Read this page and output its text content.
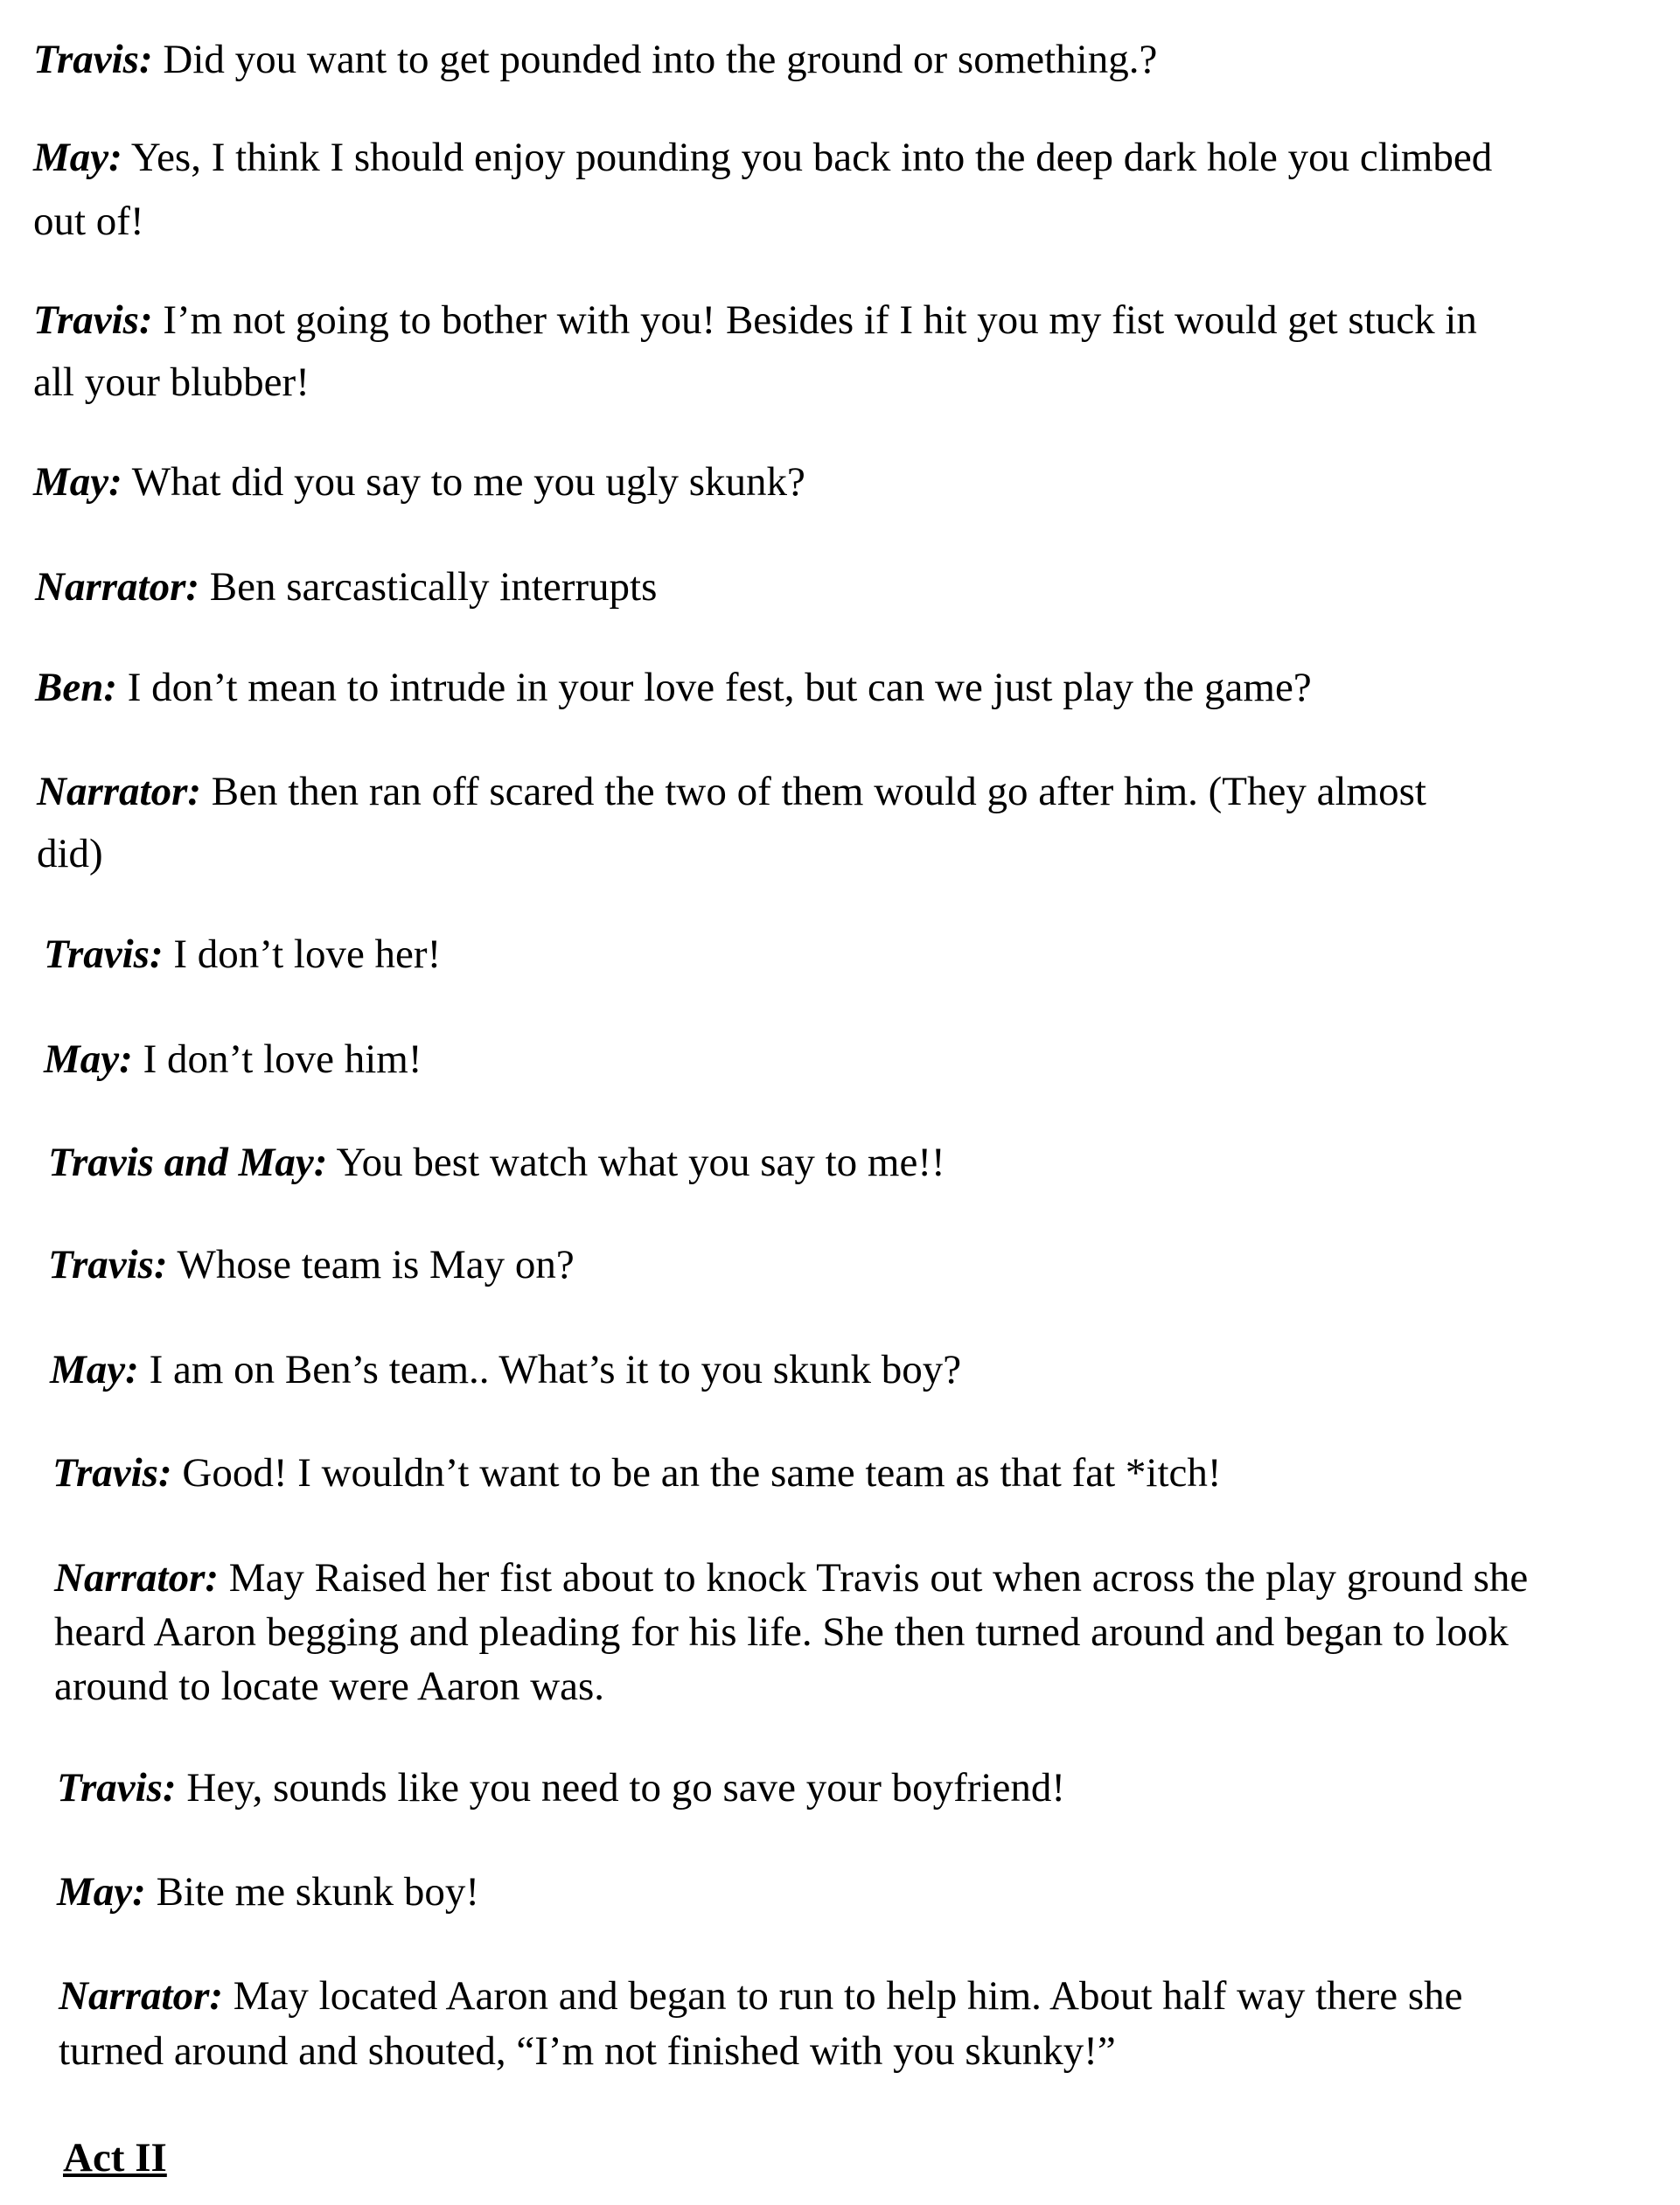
Travis: Did you want to get pounded into the ground or something.?
May: Yes, I think I should enjoy pounding you back into the deep dark hole you climbed
out of!
Travis: I’m not going to bother with you! Besides if I hit you my fist would get stuck in
all your blubber!
May: What did you say to me you ugly skunk?
Narrator: Ben sarcastically interrupts
Ben: I don’t mean to intrude in your love fest, but can we just play the game?
Narrator: Ben then ran off scared the two of them would go after him. (They almost
did)
Travis: I don’t love her!
May: I don’t love him!
Travis and May: You best watch what you say to me!!
Travis: Whose team is May on?
May: I am on Ben’s team.. What’s it to you skunk boy?
Travis: Good! I wouldn’t want to be an the same team as that fat *itch!
Narrator: May Raised her fist about to knock Travis out when across the play ground she
heard Aaron begging and pleading for his life. She then turned around and began to look
around to locate were Aaron was.
Travis: Hey, sounds like you need to go save your boyfriend!
May: Bite me skunk boy!
Narrator: May located Aaron and began to run to help him. About half way there she
turned around and shouted, “I’m not finished with you skunky!”
Act II
